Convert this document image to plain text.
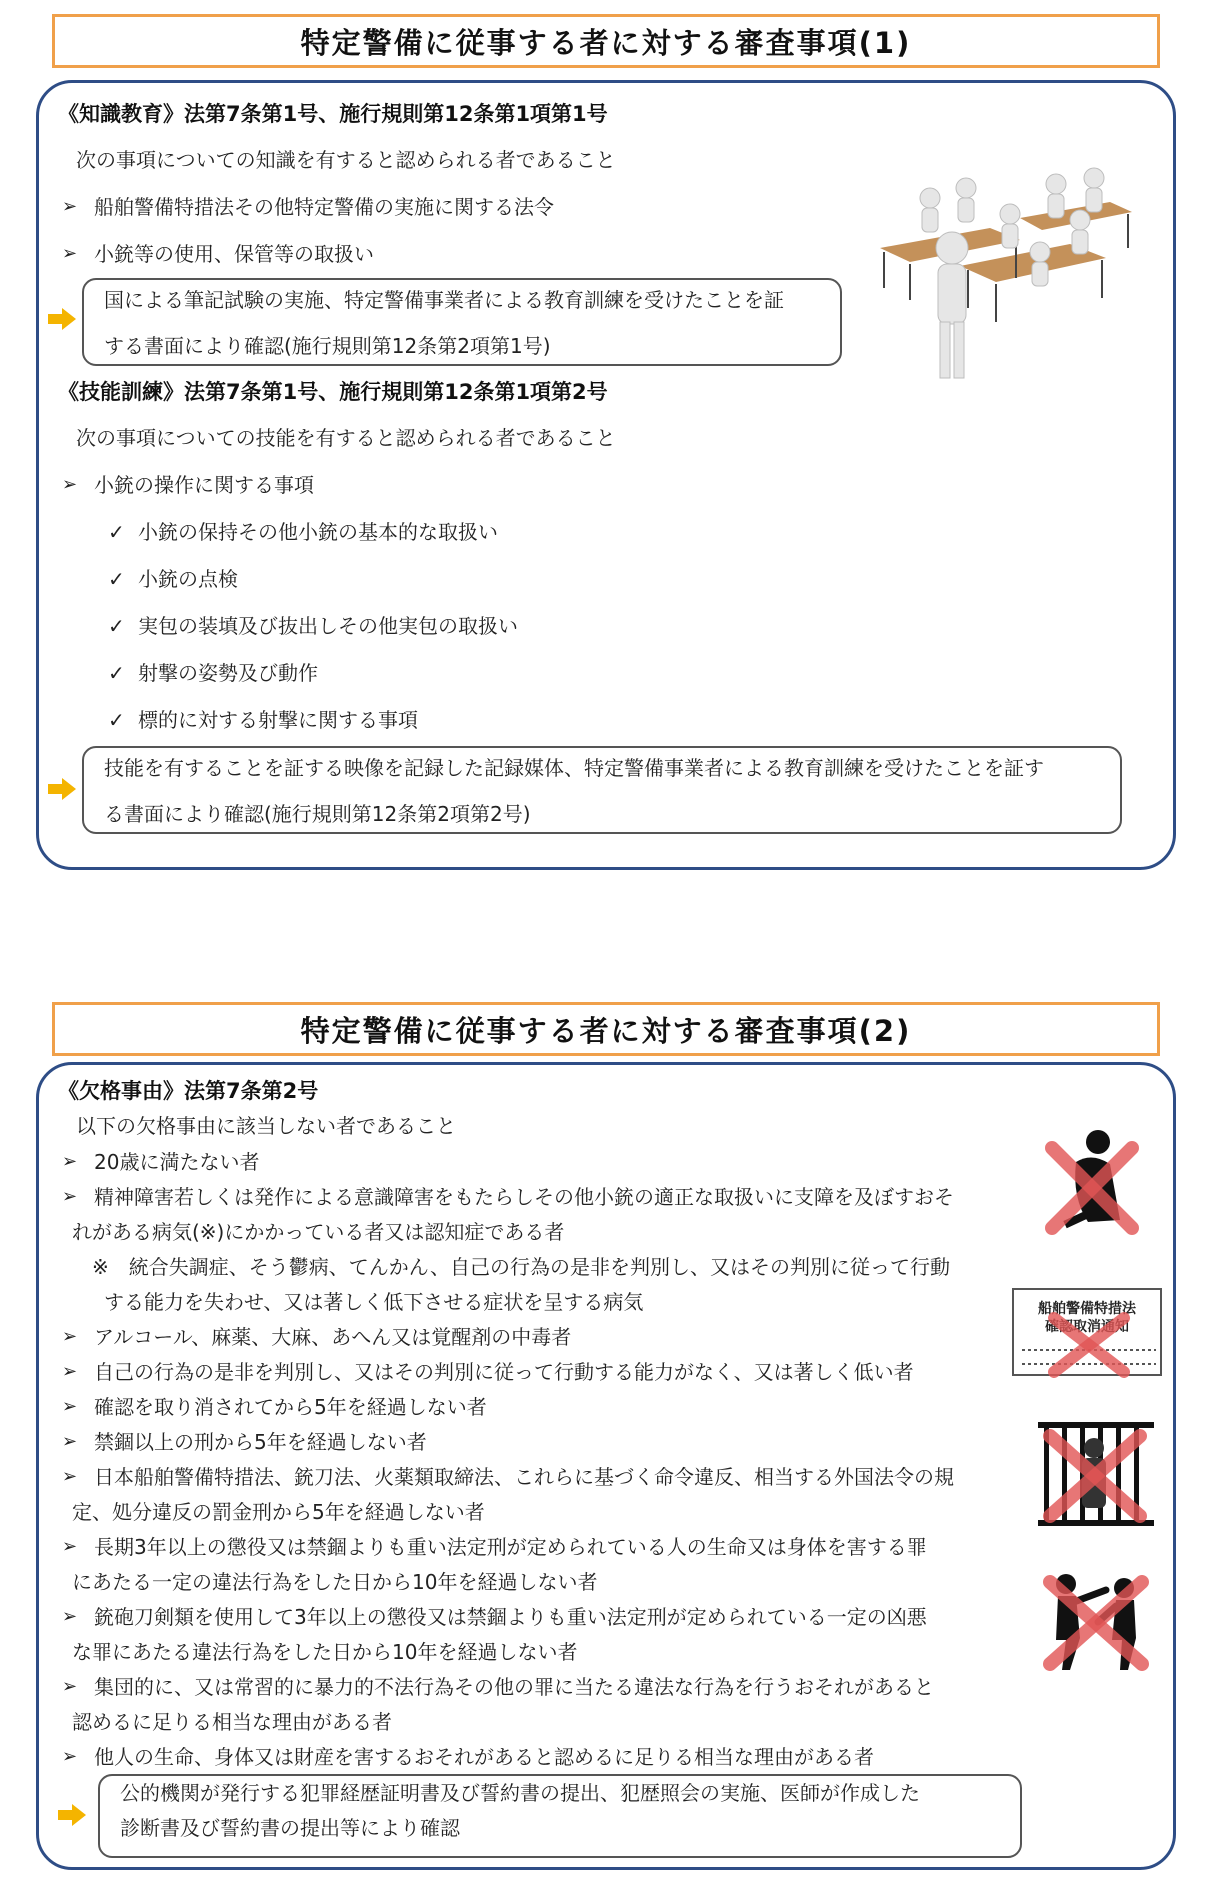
特定警備に従事する者に対する審査事項(1)
《知識教育》法第7条第1号、施行規則第12条第1項第1号
次の事項についての知識を有すると認められる者であること
➢ 船舶警備特措法その他特定警備の実施に関する法令
➢ 小銃等の使用、保管等の取扱い
国による筆記試験の実施、特定警備事業者による教育訓練を受けたことを証
する書面により確認(施行規則第12条第2項第1号)
《技能訓練》法第7条第1号、施行規則第12条第1項第2号
次の事項についての技能を有すると認められる者であること
➢ 小銃の操作に関する事項
✓ 小銃の保持その他小銃の基本的な取扱い
✓ 小銃の点検
✓ 実包の装填及び抜出しその他実包の取扱い
✓ 射撃の姿勢及び動作
✓ 標的に対する射撃に関する事項
技能を有することを証する映像を記録した記録媒体、特定警備事業者による教育訓練を受けたことを証す
る書面により確認(施行規則第12条第2項第2号)
特定警備に従事する者に対する審査事項(2)
《欠格事由》法第7条第2号
以下の欠格事由に該当しない者であること
➢ 20歳に満たない者
➢ 精神障害若しくは発作による意識障害をもたらしその他小銃の適正な取扱いに支障を及ぼすおそ
れがある病気(※)にかかっている者又は認知症である者
※　統合失調症、そう鬱病、てんかん、自己の行為の是非を判別し、又はその判別に従って行動
する能力を失わせ、又は著しく低下させる症状を呈する病気
➢ アルコール、麻薬、大麻、あへん又は覚醒剤の中毒者
➢ 自己の行為の是非を判別し、又はその判別に従って行動する能力がなく、又は著しく低い者
➢ 確認を取り消されてから5年を経過しない者
➢ 禁錮以上の刑から5年を経過しない者
➢ 日本船舶警備特措法、銃刀法、火薬類取締法、これらに基づく命令違反、相当する外国法令の規
定、処分違反の罰金刑から5年を経過しない者
➢ 長期3年以上の懲役又は禁錮よりも重い法定刑が定められている人の生命又は身体を害する罪
にあたる一定の違法行為をした日から10年を経過しない者
➢ 銃砲刀剣類を使用して3年以上の懲役又は禁錮よりも重い法定刑が定められている一定の凶悪
な罪にあたる違法行為をした日から10年を経過しない者
➢ 集団的に、又は常習的に暴力的不法行為その他の罪に当たる違法な行為を行うおそれがあると
認めるに足りる相当な理由がある者
➢ 他人の生命、身体又は財産を害するおそれがあると認めるに足りる相当な理由がある者
公的機関が発行する犯罪経歴証明書及び誓約書の提出、犯歴照会の実施、医師が作成した
診断書及び誓約書の提出等により確認
船舶警備特措法
確認取消通知
